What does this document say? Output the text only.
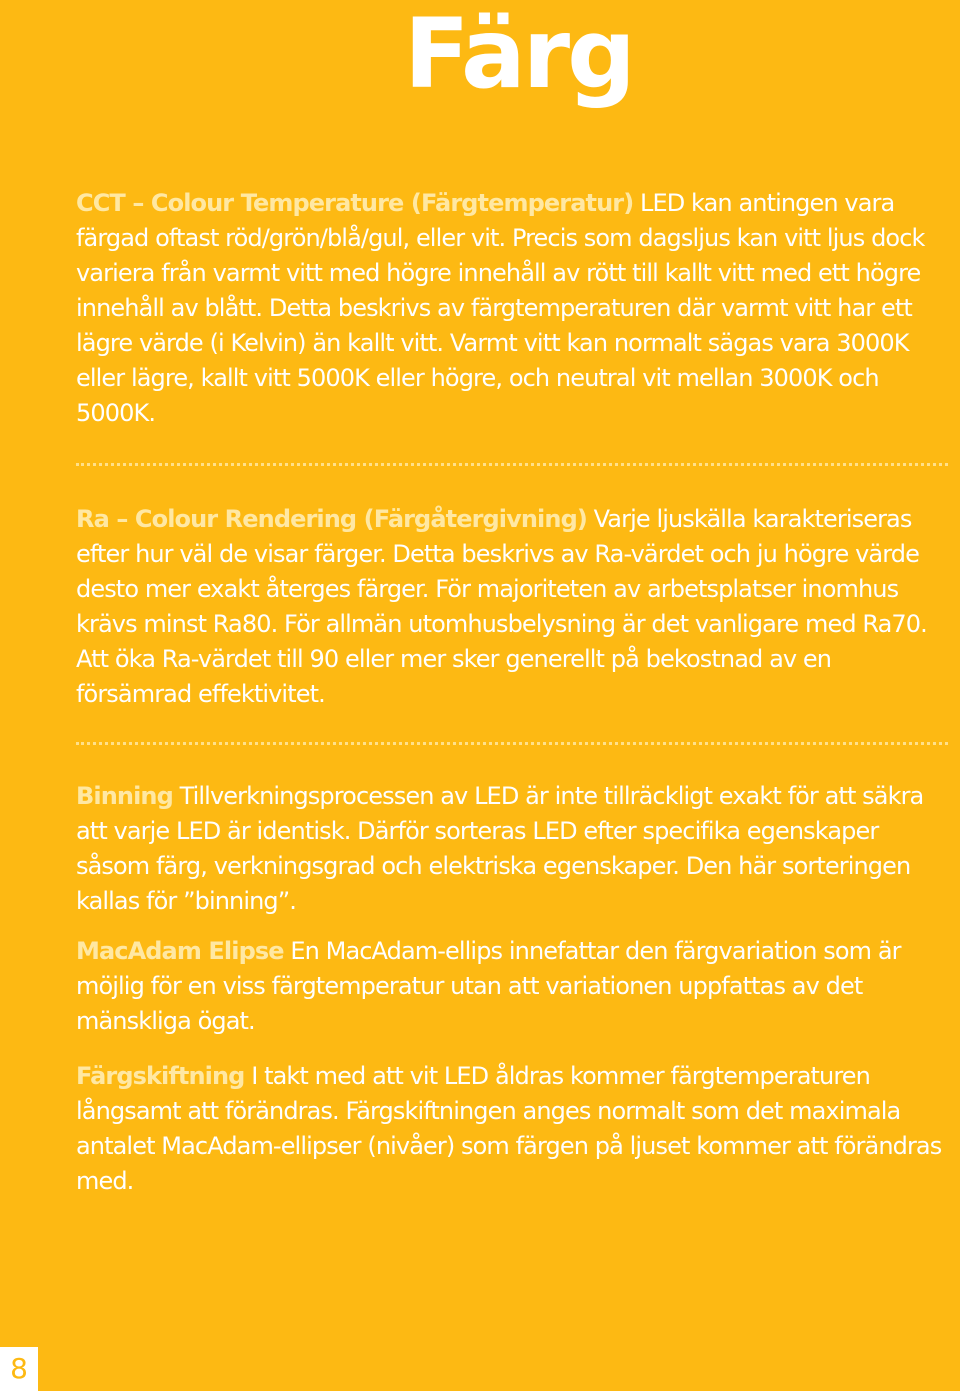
Färg

CCT – Colour Temperature (Färgtemperatur) LED kan antingen vara färgad oftast röd/grön/blå/gul, eller vit. Precis som dagsljus kan vitt ljus dock variera från varmt vitt med högre innehåll av rött till kallt vitt med ett högre innehåll av blått. Detta beskrivs av färgtemperaturen där varmt vitt har ett lägre värde (i Kelvin) än kallt vitt. Varmt vitt kan normalt sägas vara 3000K eller lägre, kallt vitt 5000K eller högre, och neutral vit mellan 3000K och 5000K.

Ra – Colour Rendering (Färgåtergivning) Varje ljuskälla karakteriseras efter hur väl de visar färger. Detta beskrivs av Ra-värdet och ju högre värde desto mer exakt återges färger. För majoriteten av arbetsplatser inomhus krävs minst Ra80. För allmän utomhusbelysning är det vanligare med Ra70. Att öka Ra-värdet till 90 eller mer sker generellt på bekostnad av en försämrad effektivitet.

Binning Tillverkningsprocessen av LED är inte tillräckligt exakt för att säkra att varje LED är identisk. Därför sorteras LED efter specifika egenskaper såsom färg, verkningsgrad och elektriska egenskaper. Den här sorteringen kallas för ”binning”.

MacAdam Elipse En MacAdam-ellips innefattar den färgvariation som är möjlig för en viss färgtemperatur utan att variationen uppfattas av det mänskliga ögat.

Färgskiftning I takt med att vit LED åldras kommer färgtemperaturen långsamt att förändras. Färgskiftningen anges normalt som det maximala antalet MacAdam-ellipser (nivåer) som färgen på ljuset kommer att förändras med.

8
